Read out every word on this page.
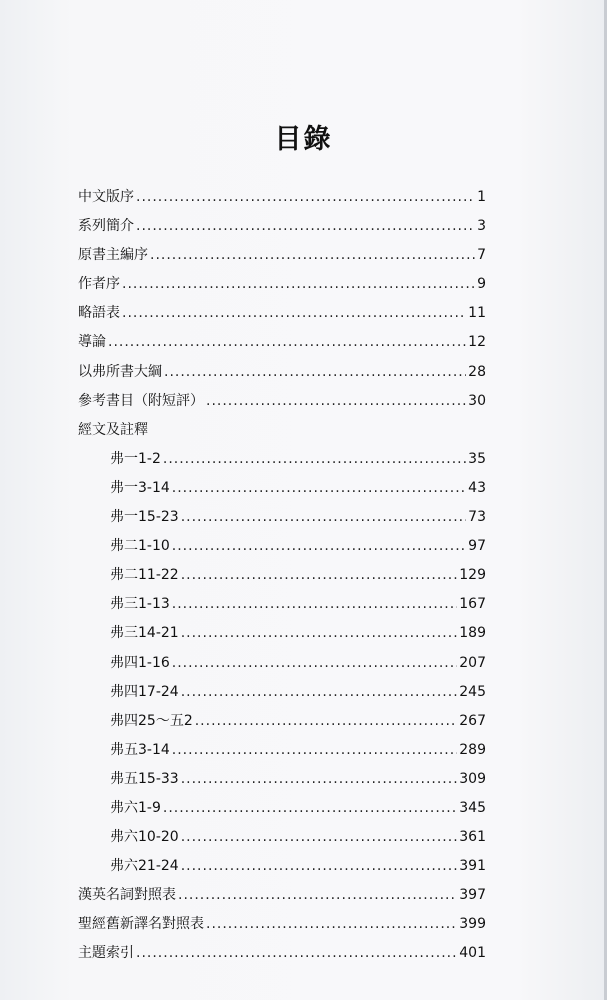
目錄
中文版序 .....	1
系列簡介 .....	3
原書主編序 .....	7
作者序 .....	9
略語表 .....	11
導論 .....	12
以弗所書大綱 .....	28
參考書目（附短評） .....	30
經文及註釋
弗一1-2 .....	35
弗一3-14 .....	43
弗一15-23 .....	73
弗二1-10 .....	97
弗二11-22 .....	129
弗三1-13 .....	167
弗三14-21 .....	189
弗四1-16 .....	207
弗四17-24 .....	245
弗四25～五2 .....	267
弗五3-14 .....	289
弗五15-33 .....	309
弗六1-9 .....	345
弗六10-20 .....	361
弗六21-24 .....	391
漢英名詞對照表 .....	397
聖經舊新譯名對照表 .....	399
主題索引 .....	401
